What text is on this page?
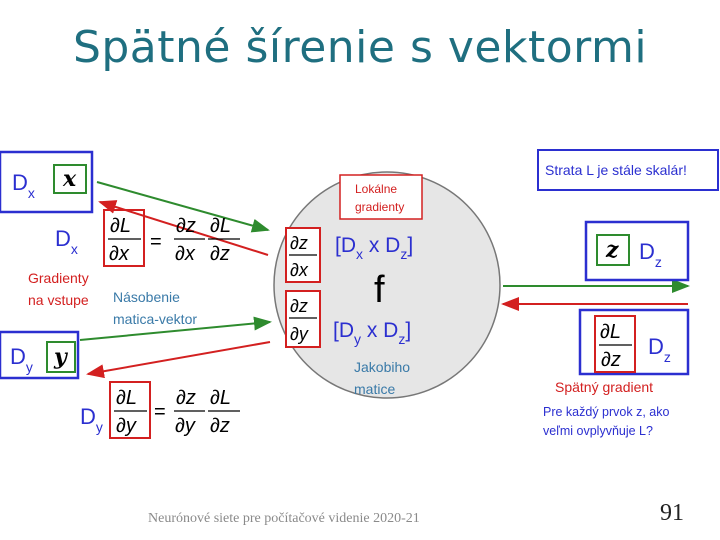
Spätné šírenie s vektormi
$D_x$
x
$D_x$
∂L
∂x
=
∂z
∂x
∂L
∂z
Gradienty na vstupe Násobenie matica-vektor
$D_y$ y
$D_y$
∂L
∂y
=
∂z
∂y
∂L
∂z
Lokálne gradienty
∂z
∂x
[$D_x$ x $D_z$]
f
∂z
∂y [$D_y$ x $D_z$]
Jakobiho matice
Strata L je stále skalár!
z $D_z$
∂L
∂z
$D_z$
Spätný gradient
Pre každý prvok z, ako veľmi ovplyvňuje L?
Neurónové siete pre počítačové videnie 2020-21	91
